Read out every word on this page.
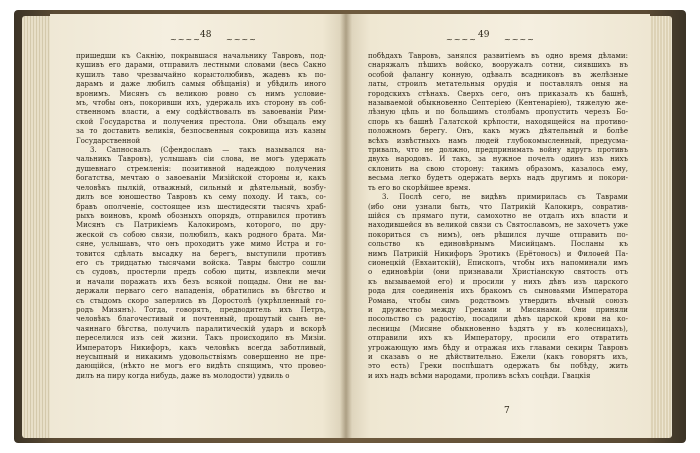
~~~~ 48 ~~~~
пришедши къ Сакнію, покрывшася начальнику Тавровъ, под-
кушивъ его дарами, отправилъ лестными словами (весь Сакно
кушилъ таво чрезвычайно корыстолюбивъ, жадевъ къ по-
дарамъ и даже любилъ самыя обѣщанія) и убѣдилъ иного
вронимъ. Мисянъ съ великою ровно съ нимъ условие-
мъ, чтобы онъ, покоривши ихъ, удержаль ихъ сторону въ соб-
ственномъ власти, а ему содѣйствовалъ въ завоеваніи Рим-
ской Государства и получения престола. Они объщаль ему
за то доставить великія, безпосвенныя сокровища изъ казны
Государственной
3. Сапносвалъ (Сфендославъ — такъ назывался на-
чальникъ Тавровъ), услышавъ сіи слова, не могъ удержать
душевнаго стремленія: позитивной надеждою получения
богатства, мечтаю о завоеваніи Мизійской стороны и, какъ
человѣкъ пылкій, отважный, сильный и дѣятельный, возбу-
дилъ все юношество Тавровъ къ сему походу. И такъ, со-
бравъ ополченіе, состоящее изъ шестидесяти тысячъ храб-
рыхъ воиновъ, кромѣ обозныхъ опорядъ, отправился противъ
Мисянъ съ Патрикіемъ Калокиромъ, которого, по дру-
жеской съ собою связи, полюбилъ, какъ родного брата. Ми-
сяне, услышавъ, что онъ проходитъ уже мимо Истра и го-
товится сдѣлать высадку на берегъ, выступили противъ
его съ тридцатью тысячами войска. Тавры быстро сошли
съ судовъ, простерли предъ собою щиты, извлекли мечи
и начали поражать ихъ безъ всякой пощады. Они не вы-
держали перваго сего нападенія, обратились въ бѣгство и
съ стыдомъ скоро заперлись въ Доростолѣ (укрѣпленный го-
родъ Мизянъ). Тогда, говорятъ, предводитель ихъ Петръ,
человѣкъ благочестивый и почтенный, прошутый сынъ не-
чаяннаго бѣгства, получилъ паралитическій ударъ и вскорѣ
переселился изъ сей жизни. Такъ происходило въ Мизіи.
Императоръ Никифоръ, какъ человѣкъ всегда заботливый,
неусыпный и никакимъ удовольствіямъ совершенно не пре-
дающійся, (нѣкто не могъ его видѣть спящимъ, что провео-
дилъ на пиру когда нибудь, даже въ молодости) удвиль о
~~~~ 49 ~~~~
побѣдахъ Тавровъ, занялся развитіемъ въ одно время дѣлами:
снаряжалъ пѣшихъ войско, вооружалъ сотни, сиявшихъ въ
особой фалангу конную, одѣвалъ всадниковъ въ желѣзные
латы, строилъ метательныя орудія и поставлялъ оныя на
городскихъ стѣнахъ. Сверхъ сего, онъ приказалъ къ башнѣ,
называемой обыкновенно Септеріею (Кентенаріею), тяжелую же-
лѣзную цѣпь и по большимъ столбамъ пропустить черезъ Бо-
спорь къ башнѣ Галатской крѣпости, находящейся на противо-
положномъ берегу. Онъ, какъ мужъ дѣятельный и болѣе
всѣхъ извѣстныхъ намъ людей глубокомысленный, предусма-
тривалъ, что не должно, предпринимать войну вдругъ противъ
двухъ народовъ. И такъ, за нужное почелъ одинъ изъ нихъ
склонить на свою сторону: такимъ образомъ, казалось ему,
весьма легко будетъ одержать верхъ надъ другимъ и покори-
ть его во скорѣйшее время.
3. Послѣ сего, не видѣвъ примирилась съ Таврами
(ибо они узнали быть, что Патрикій Калокиръ, совратив-
шійся съ прямаго пути, самохотно не отдалъ ихъ власти и
находившейся въ великой связи съ Святославомъ, не захочетъ уже
покориться съ нимъ), онъ рѣшился лучше отправить по-
сольство къ единовѣрнымъ Мисийцамъ. Посланы къ
нимъ Патрикій Никифоръ Эротикъ (Ерётоносъ) и Филоѳей Па-
сионецкій (Евхаитскій), Епископъ, чтобы ихъ напоминали имъ
о единовѣріи (они признавали Христіанскую святость отъ
къ вызываемой его) и просили у нихъ дѣвъ изъ царского
рода для соединенія ихъ бракомъ съ сыновьями Императора
Романа, чтобы симъ родствомъ утвердить вѣчный союзъ
и дружество между Греками и Мисянами. Они приняли
посольство съ радостію, посадили дѣвъ царской крови на ко-
лесницы (Мисяне обыкновенно ѣздятъ у въ колесницахъ),
отправили ихъ къ Императору, просили его отвратить
угрожающую имъ бѣду и отражая ихъ главами секиры Тавровъ
и сказавъ о не дѣйствительно. Ежели (какъ говорятъ ихъ,
это есть) Греки поспѣшатъ одержать бы побѣду, жить
и ихъ надъ всѣми народами, проливъ всѣхъ соцѣди. Гвацкія
7
